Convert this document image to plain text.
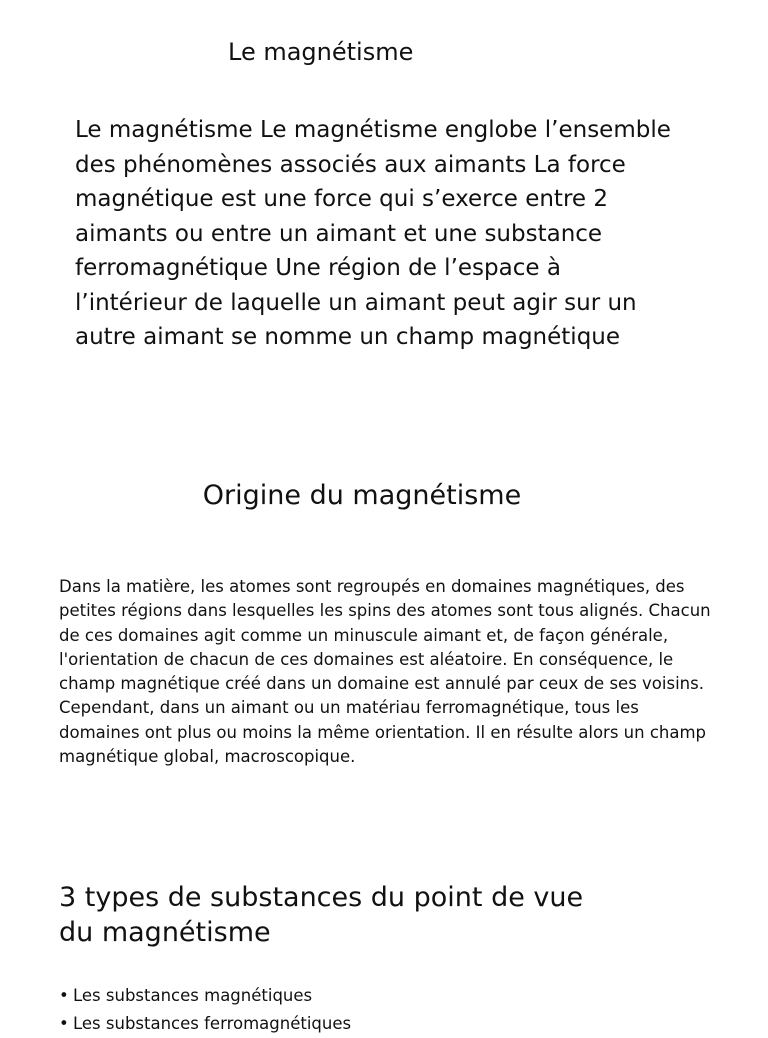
Le magnétisme
Le magnétisme Le magnétisme englobe l’ensemble des phénomènes associés aux aimants La force magnétique est une force qui s’exerce entre 2 aimants ou entre un aimant et une substance ferromagnétique Une région de l’espace à l’intérieur de laquelle un aimant peut agir sur un autre aimant se nomme un champ magnétique
Origine du magnétisme
Dans la matière, les atomes sont regroupés en domaines magnétiques, des petites régions dans lesquelles les spins des atomes sont tous alignés. Chacun de ces domaines agit comme un minuscule aimant et, de façon générale, l'orientation de chacun de ces domaines est aléatoire. En conséquence, le champ magnétique créé dans un domaine est annulé par ceux de ses voisins. Cependant, dans un aimant ou un matériau ferromagnétique, tous les domaines ont plus ou moins la même orientation. Il en résulte alors un champ magnétique global, macroscopique.
3 types de substances du point de vue du magnétisme
• Les substances magnétiques
• Les substances ferromagnétiques
